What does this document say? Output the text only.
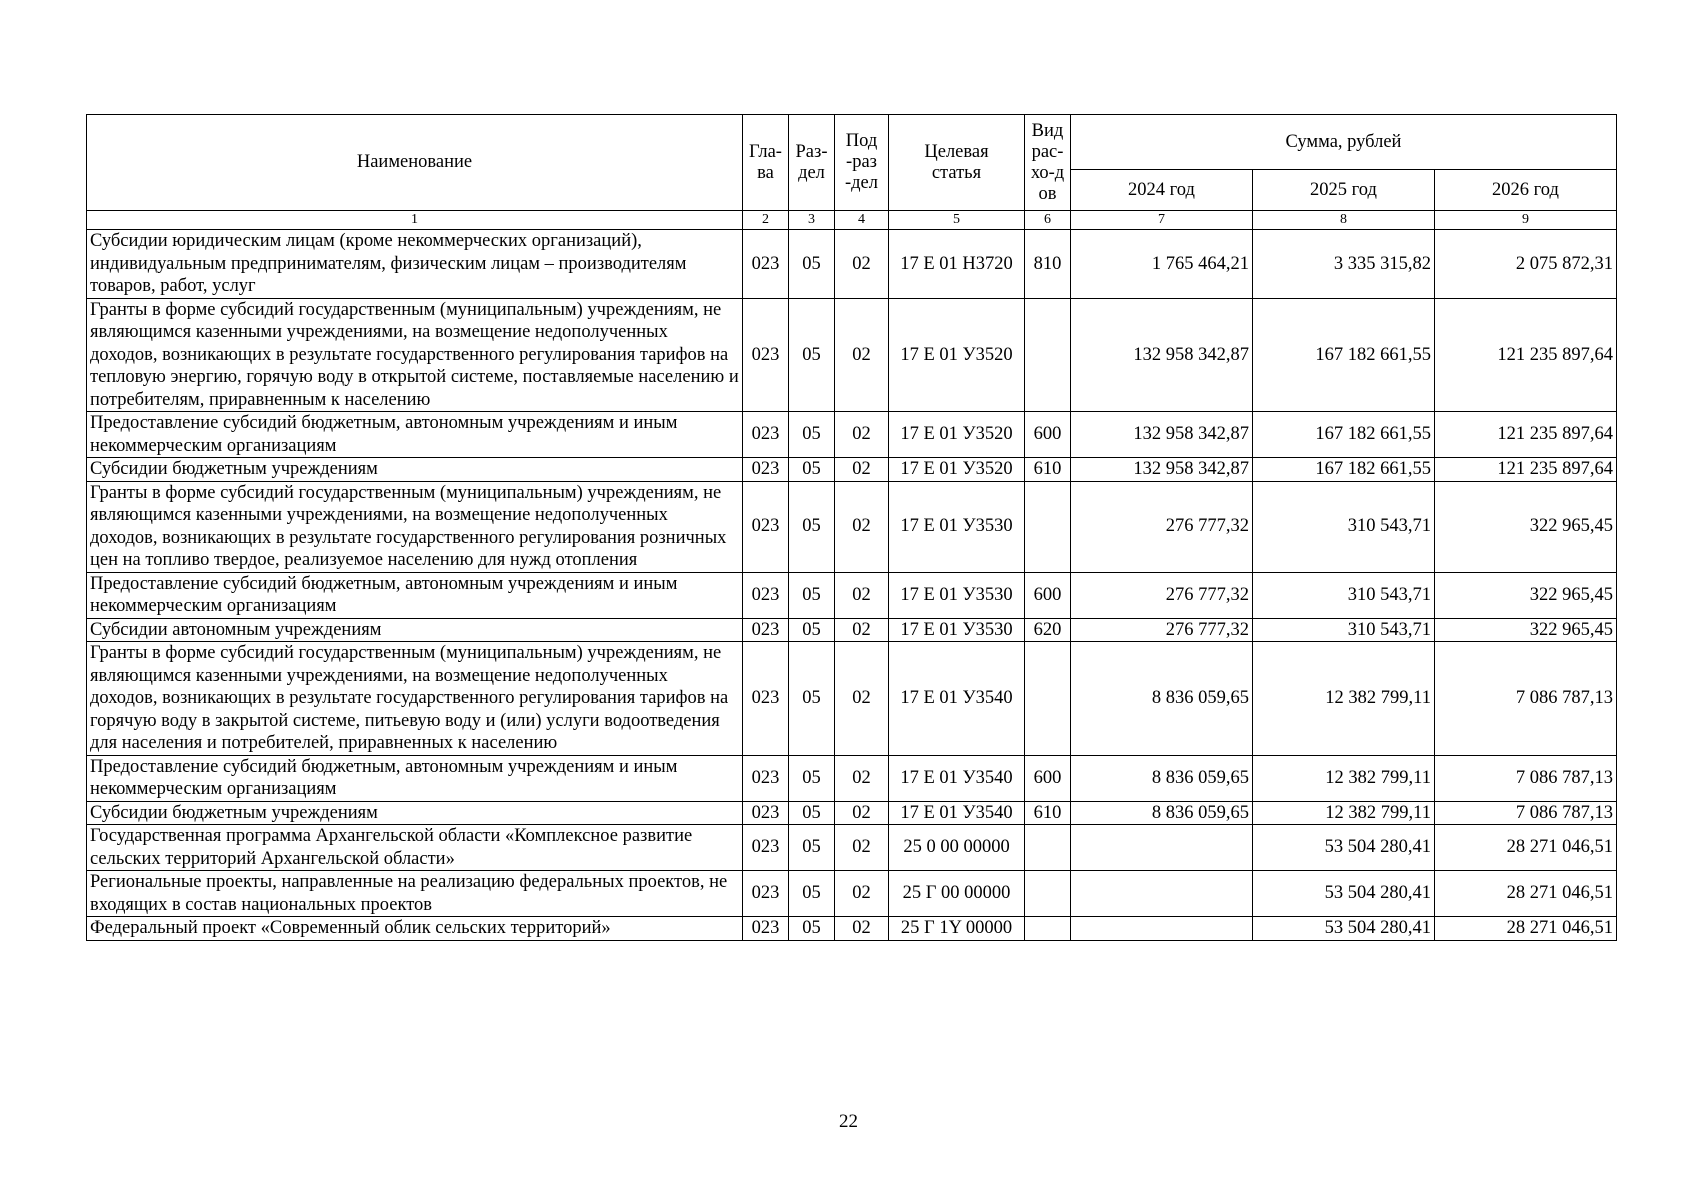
Наименование	Гла-ва	Раз-дел	Под-раз-дел	Целевая статья	Вид рас-хо-дов	Сумма, рублей		
						2024 год	2025 год	2026 год
1	2	3	4	5	6	7	8	9
Субсидии юридическим лицам (кроме некоммерческих организаций), индивидуальным предпринимателям, физическим лицам – производителям товаров, работ, услуг	023	05	02	17 Е 01 Н3720	810	1 765 464,21	3 335 315,82	2 075 872,31
Гранты в форме субсидий государственным (муниципальным) учреждениям, не являющимся казенными учреждениями, на возмещение недополученных доходов, возникающих в результате государственного регулирования тарифов на тепловую энергию, горячую воду в открытой системе, поставляемые населению и потребителям, приравненным к населению	023	05	02	17 Е 01 У3520		132 958 342,87	167 182 661,55	121 235 897,64
Предоставление субсидий бюджетным, автономным учреждениям и иным некоммерческим организациям	023	05	02	17 Е 01 У3520	600	132 958 342,87	167 182 661,55	121 235 897,64
Субсидии бюджетным учреждениям	023	05	02	17 Е 01 У3520	610	132 958 342,87	167 182 661,55	121 235 897,64
Гранты в форме субсидий государственным (муниципальным) учреждениям, не являющимся казенными учреждениями, на возмещение недополученных доходов, возникающих в результате государственного регулирования розничных цен на топливо твердое, реализуемое населению для нужд отопления	023	05	02	17 Е 01 У3530		276 777,32	310 543,71	322 965,45
Предоставление субсидий бюджетным, автономным учреждениям и иным некоммерческим организациям	023	05	02	17 Е 01 У3530	600	276 777,32	310 543,71	322 965,45
Субсидии автономным учреждениям	023	05	02	17 Е 01 У3530	620	276 777,32	310 543,71	322 965,45
Гранты в форме субсидий государственным (муниципальным) учреждениям, не являющимся казенными учреждениями, на возмещение недополученных доходов, возникающих в результате государственного регулирования тарифов на горячую воду в закрытой системе, питьевую воду и (или) услуги водоотведения для населения и потребителей, приравненных к населению	023	05	02	17 Е 01 У3540		8 836 059,65	12 382 799,11	7 086 787,13
Предоставление субсидий бюджетным, автономным учреждениям и иным некоммерческим организациям	023	05	02	17 Е 01 У3540	600	8 836 059,65	12 382 799,11	7 086 787,13
Субсидии бюджетным учреждениям	023	05	02	17 Е 01 У3540	610	8 836 059,65	12 382 799,11	7 086 787,13
Государственная программа Архангельской области «Комплексное развитие сельских территорий Архангельской области»	023	05	02	25 0 00 00000			53 504 280,41	28 271 046,51
Региональные проекты, направленные на реализацию федеральных проектов, не входящих в состав национальных проектов	023	05	02	25 Г 00 00000			53 504 280,41	28 271 046,51
Федеральный проект «Современный облик сельских территорий»	023	05	02	25 Г 1Y 00000			53 504 280,41	28 271 046,51
22
